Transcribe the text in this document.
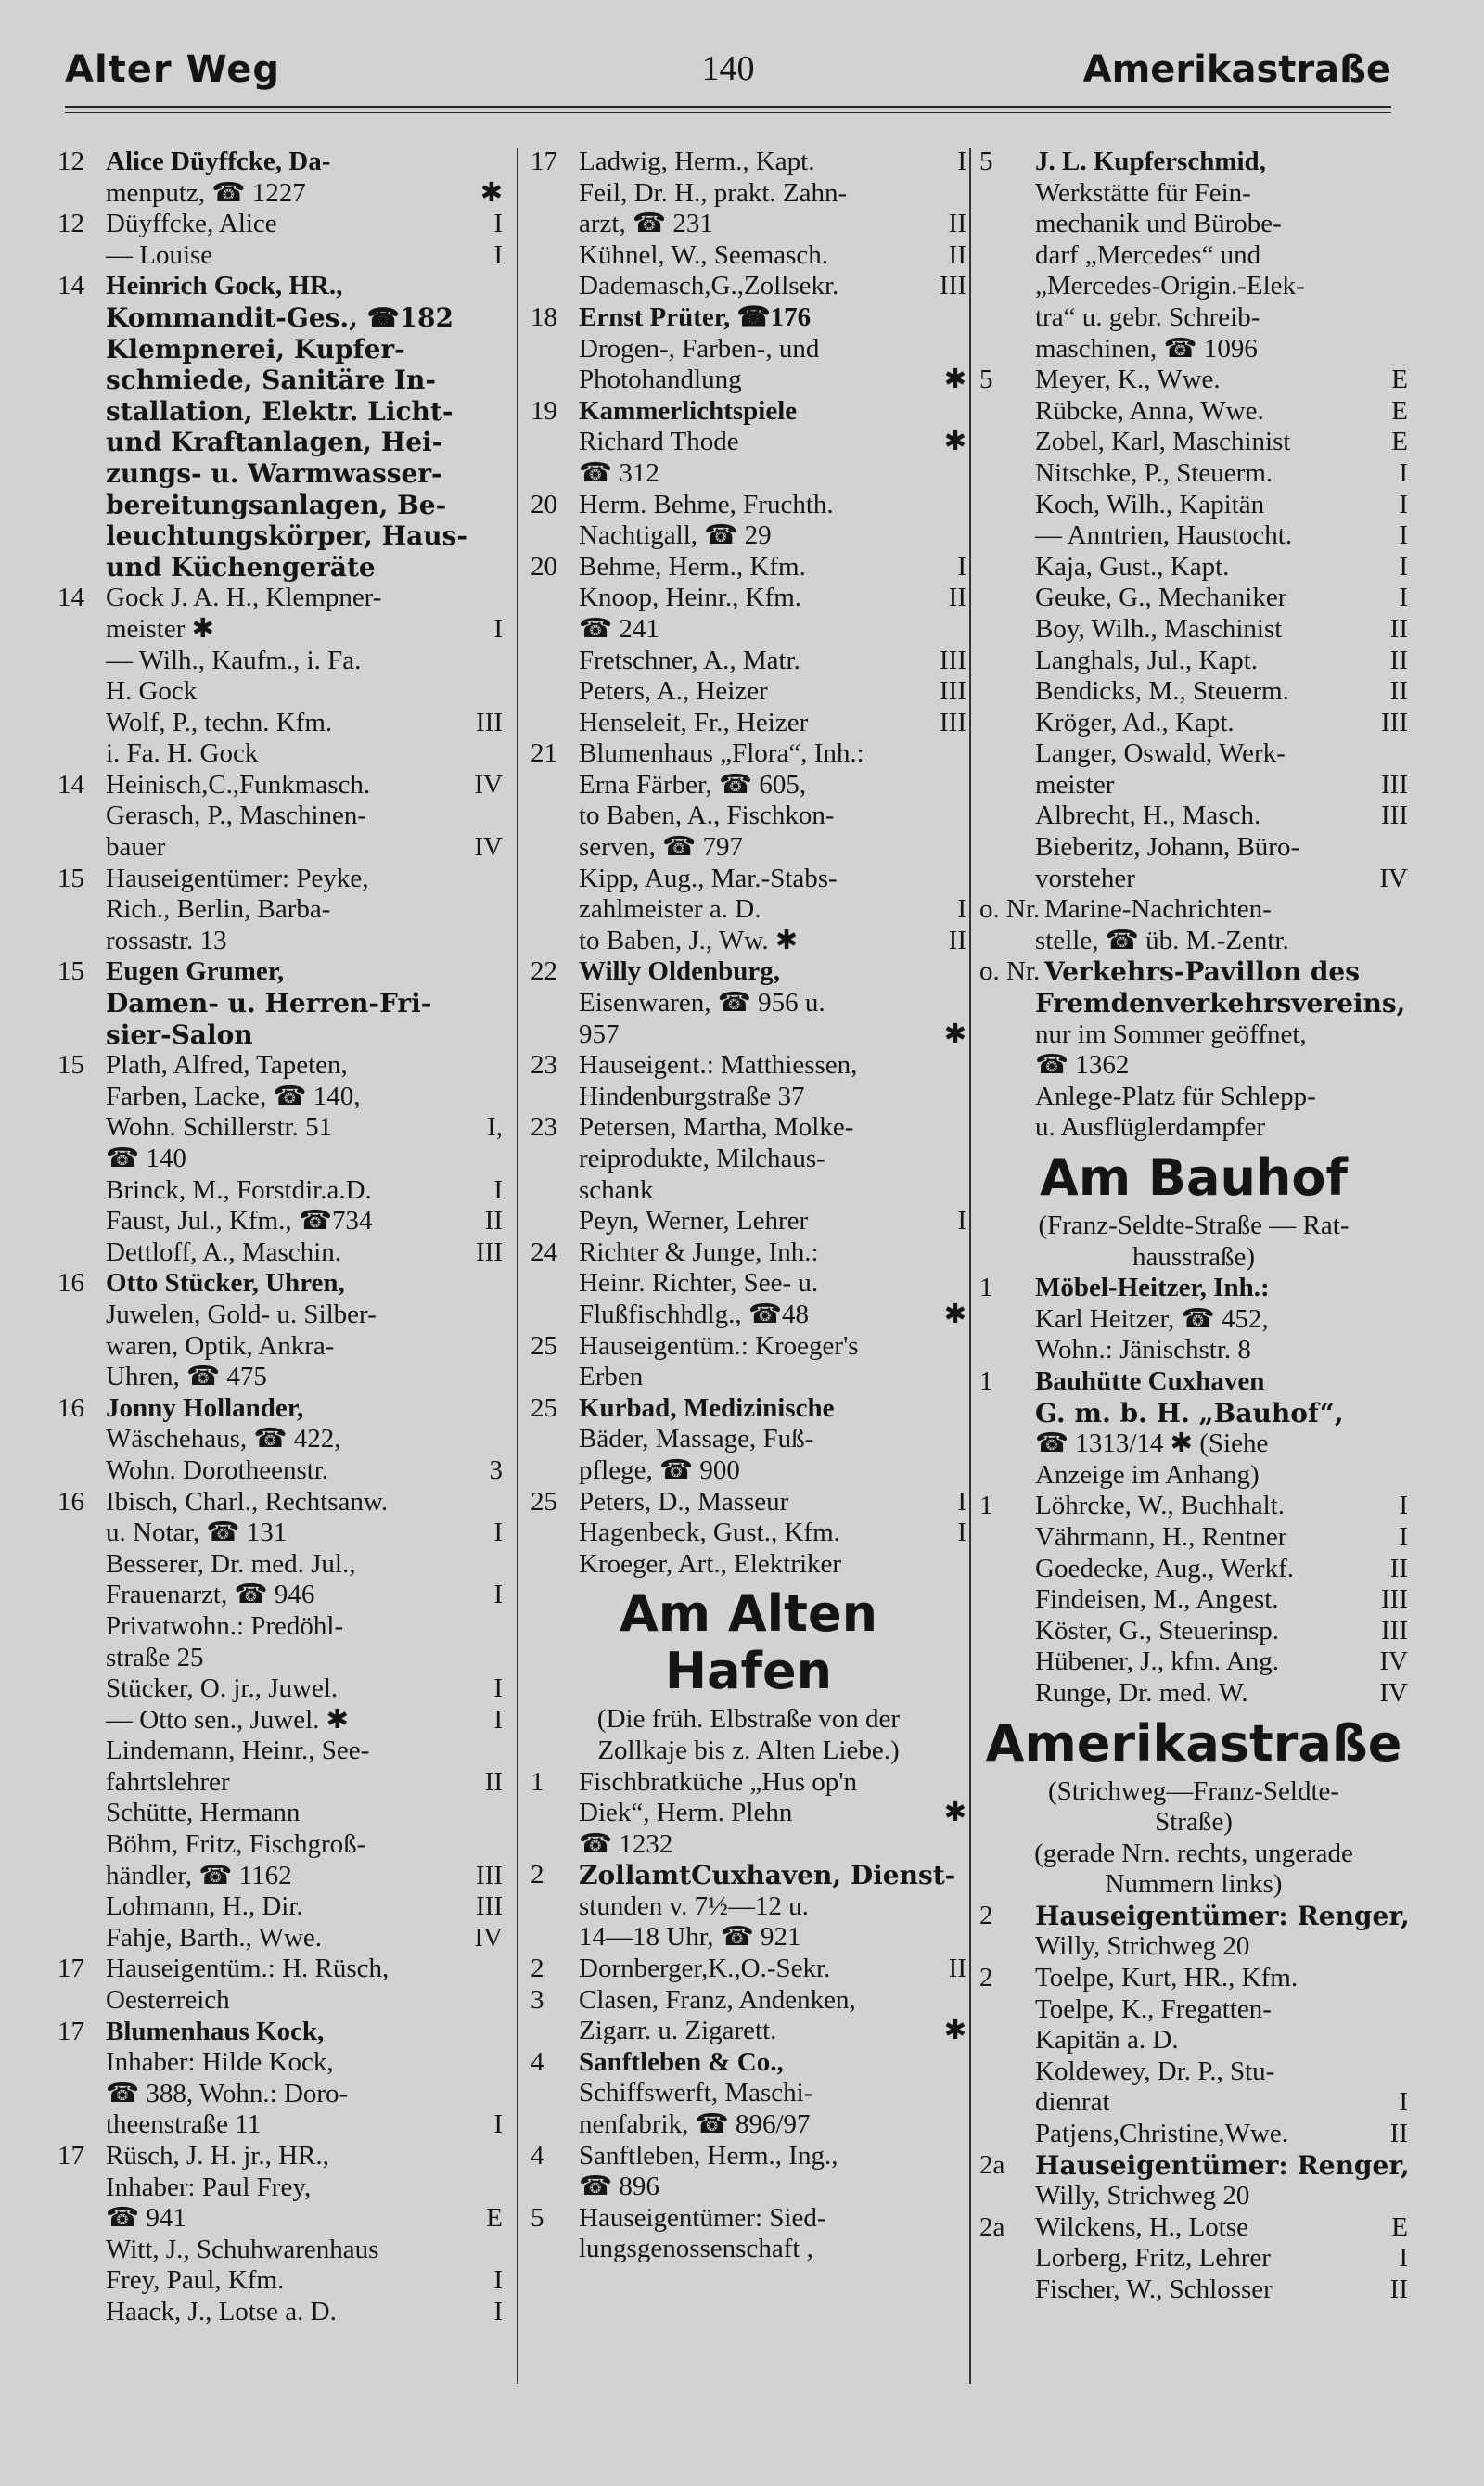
Alter Weg	140	Amerikastraße
12 Alice Düyffcke, Da-
menputz, ☎ 1227	✱
12 Düyffcke, Alice	I
— Louise	I
14 Heinrich Gock, HR.,
Kommandit-Ges., ☎182
Klempnerei, Kupfer-
schmiede, Sanitäre In-
stallation, Elektr. Licht-
und Kraftanlagen, Hei-
zungs- u. Warmwasser-
bereitungsanlagen, Be-
leuchtungskörper, Haus-
und Küchengeräte
14 Gock J. A. H., Klempner-
meister ✱	I
— Wilh., Kaufm., i. Fa.
H. Gock
Wolf, P., techn. Kfm.	III
i. Fa. H. Gock
14 Heinisch,C.,Funkmasch.	IV
Gerasch, P., Maschinen-
bauer	IV
15 Hauseigentümer: Peyke,
Rich., Berlin, Barba-
rossastr. 13
15 Eugen Grumer,
Damen- u. Herren-Fri-
sier-Salon
15 Plath, Alfred, Tapeten,
Farben, Lacke, ☎ 140,
Wohn. Schillerstr. 51	I,
☎ 140
Brinck, M., Forstdir.a.D.	I
Faust, Jul., Kfm., ☎734	II
Dettloff, A., Maschin.	III
16 Otto Stücker, Uhren,
Juwelen, Gold- u. Silber-
waren, Optik, Ankra-
Uhren, ☎ 475
16 Jonny Hollander,
Wäschehaus, ☎ 422,
Wohn. Dorotheenstr.	3
16 Ibisch, Charl., Rechtsanw.
u. Notar, ☎ 131	I
Besserer, Dr. med. Jul.,
Frauenarzt, ☎ 946	I
Privatwohn.: Predöhl-
straße 25
Stücker, O. jr., Juwel.	I
— Otto sen., Juwel. ✱	I
Lindemann, Heinr., See-
fahrtslehrer	II
Schütte, Hermann
Böhm, Fritz, Fischgroß-
händler, ☎ 1162	III
Lohmann, H., Dir.	III
Fahje, Barth., Wwe.	IV
17 Hauseigentüm.: H. Rüsch,
Oesterreich
17 Blumenhaus Kock,
Inhaber: Hilde Kock,
☎ 388, Wohn.: Doro-
theenstraße 11	I
17 Rüsch, J. H. jr., HR.,
Inhaber: Paul Frey,
☎ 941	E
Witt, J., Schuhwarenhaus
Frey, Paul, Kfm.	I
Haack, J., Lotse a. D.	I
17 Ladwig, Herm., Kapt.	I
Feil, Dr. H., prakt. Zahn-
arzt, ☎ 231	II
Kühnel, W., Seemasch.	II
Dademasch,G.,Zollsekr.	III
18 Ernst Prüter, ☎176
Drogen-, Farben-, und
Photohandlung	✱
19 Kammerlichtspiele
Richard Thode	✱
☎ 312
20 Herm. Behme, Fruchth.
Nachtigall, ☎ 29
20 Behme, Herm., Kfm.	I
Knoop, Heinr., Kfm.	II
☎ 241
Fretschner, A., Matr.	III
Peters, A., Heizer	III
Henseleit, Fr., Heizer	III
21 Blumenhaus „Flora“, Inh.:
Erna Färber, ☎ 605,
to Baben, A., Fischkon-
serven, ☎ 797
Kipp, Aug., Mar.-Stabs-
zahlmeister a. D.	I
to Baben, J., Ww. ✱	II
22 Willy Oldenburg,
Eisenwaren, ☎ 956 u.
957	✱
23 Hauseigent.: Matthiessen,
Hindenburgstraße 37
23 Petersen, Martha, Molke-
reiprodukte, Milchaus-
schank
Peyn, Werner, Lehrer	I
24 Richter & Junge, Inh.:
Heinr. Richter, See- u.
Flußfischhdlg., ☎48	✱
25 Hauseigentüm.: Kroeger's
Erben
25 Kurbad, Medizinische
Bäder, Massage, Fuß-
pflege, ☎ 900
25 Peters, D., Masseur	I
Hagenbeck, Gust., Kfm.	I
Kroeger, Art., Elektriker
Am Alten Hafen
(Die früh. Elbstraße von der
Zollkaje bis z. Alten Liebe.)
1 Fischbratküche „Hus op'n
Diek“, Herm. Plehn	✱
☎ 1232
2 ZollamtCuxhaven, Dienst-
stunden v. 7½—12 u.
14—18 Uhr, ☎ 921
2 Dornberger,K.,O.-Sekr.	II
3 Clasen, Franz, Andenken,
Zigarr. u. Zigarett.	✱
4 Sanftleben & Co.,
Schiffswerft, Maschi-
nenfabrik, ☎ 896/97
4 Sanftleben, Herm., Ing.,
☎ 896
5 Hauseigentümer: Sied-
lungsgenossenschaft ,
5 J. L. Kupferschmid,
Werkstätte für Fein-
mechanik und Bürobe-
darf „Mercedes“ und
„Mercedes-Origin.-Elek-
tra“ u. gebr. Schreib-
maschinen, ☎ 1096
5 Meyer, K., Wwe.	E
Rübcke, Anna, Wwe.	E
Zobel, Karl, Maschinist	E
Nitschke, P., Steuerm.	I
Koch, Wilh., Kapitän	I
— Anntrien, Haustocht.	I
Kaja, Gust., Kapt.	I
Geuke, G., Mechaniker	I
Boy, Wilh., Maschinist	II
Langhals, Jul., Kapt.	II
Bendicks, M., Steuerm.	II
Kröger, Ad., Kapt.	III
Langer, Oswald, Werk-
meister	III
Albrecht, H., Masch.	III
Bieberitz, Johann, Büro-
vorsteher	IV
o. Nr. Marine-Nachrichten-
stelle, ☎ üb. M.-Zentr.
o. Nr. Verkehrs-Pavillon des
Fremdenverkehrsvereins,
nur im Sommer geöffnet,
☎ 1362
Anlege-Platz für Schlepp-
u. Ausflüglerdampfer
Am Bauhof
(Franz-Seldte-Straße — Rat-
hausstraße)
1 Möbel-Heitzer, Inh.:
Karl Heitzer, ☎ 452,
Wohn.: Jänischstr. 8
1 Bauhütte Cuxhaven
G. m. b. H. „Bauhof“,
☎ 1313/14 ✱ (Siehe
Anzeige im Anhang)
1 Löhrcke, W., Buchhalt.	I
Vährmann, H., Rentner	I
Goedecke, Aug., Werkf.	II
Findeisen, M., Angest.	III
Köster, G., Steuerinsp.	III
Hübener, J., kfm. Ang.	IV
Runge, Dr. med. W.	IV
Amerikastraße
(Strichweg—Franz-Seldte-
Straße)
(gerade Nrn. rechts, ungerade
Nummern links)
2 Hauseigentümer: Renger,
Willy, Strichweg 20
2 Toelpe, Kurt, HR., Kfm.
Toelpe, K., Fregatten-
Kapitän a. D.
Koldewey, Dr. P., Stu-
dienrat	I
Patjens,Christine,Wwe.	II
2a Hauseigentümer: Renger,
Willy, Strichweg 20
2a Wilckens, H., Lotse	E
Lorberg, Fritz, Lehrer	I
Fischer, W., Schlosser	II
